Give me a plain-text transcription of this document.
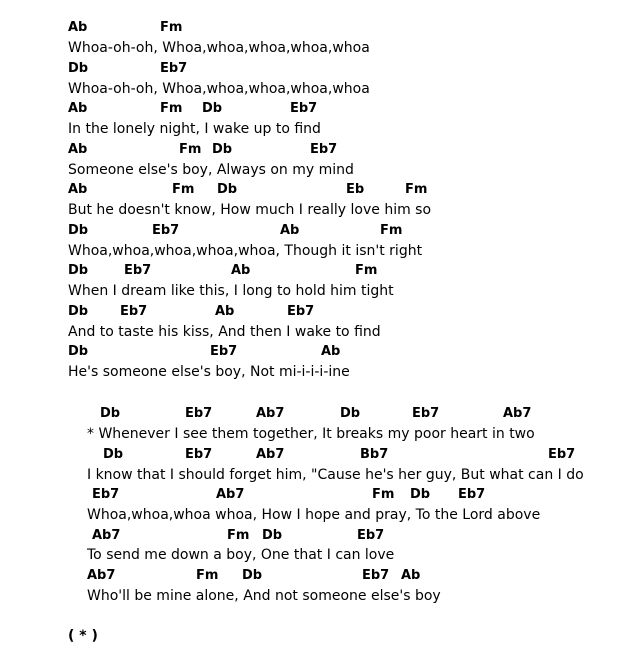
Ab	Fm
Whoa-oh-oh, Whoa,whoa,whoa,whoa,whoa
Db	Eb7
Whoa-oh-oh, Whoa,whoa,whoa,whoa,whoa
Ab	Fm Db	Eb7
In the lonely night, I wake up to find
Ab	Fm Db	Eb7
Someone else's boy, Always on my mind
Ab	Fm Db	Eb	Fm
But he doesn't know, How much I really love him so
Db	Eb7	Ab	Fm
Whoa,whoa,whoa,whoa,whoa, Though it isn't right
Db	Eb7	Ab	Fm
When I dream like this, I long to hold him tight
Db Eb7	Ab	Eb7
And to taste his kiss, And then I wake to find
Db	Eb7	Ab
He's someone else's boy, Not mi-i-i-i-ine
Db	Eb7	Ab7	Db	Eb7	Ab7
* Whenever I see them together, It breaks my poor heart in two
Db	Eb7	Ab7	Bb7	Eb7
I know that I should forget him, "Cause he's her guy, But what can I do
Eb7	Ab7	Fm Db Eb7
Whoa,whoa,whoa whoa, How I hope and pray, To the Lord above
Ab7	Fm Db	Eb7
To send me down a boy, One that I can love
Ab7	Fm Db	Eb7 Ab
Who'll be mine alone, And not someone else's boy
( * )
